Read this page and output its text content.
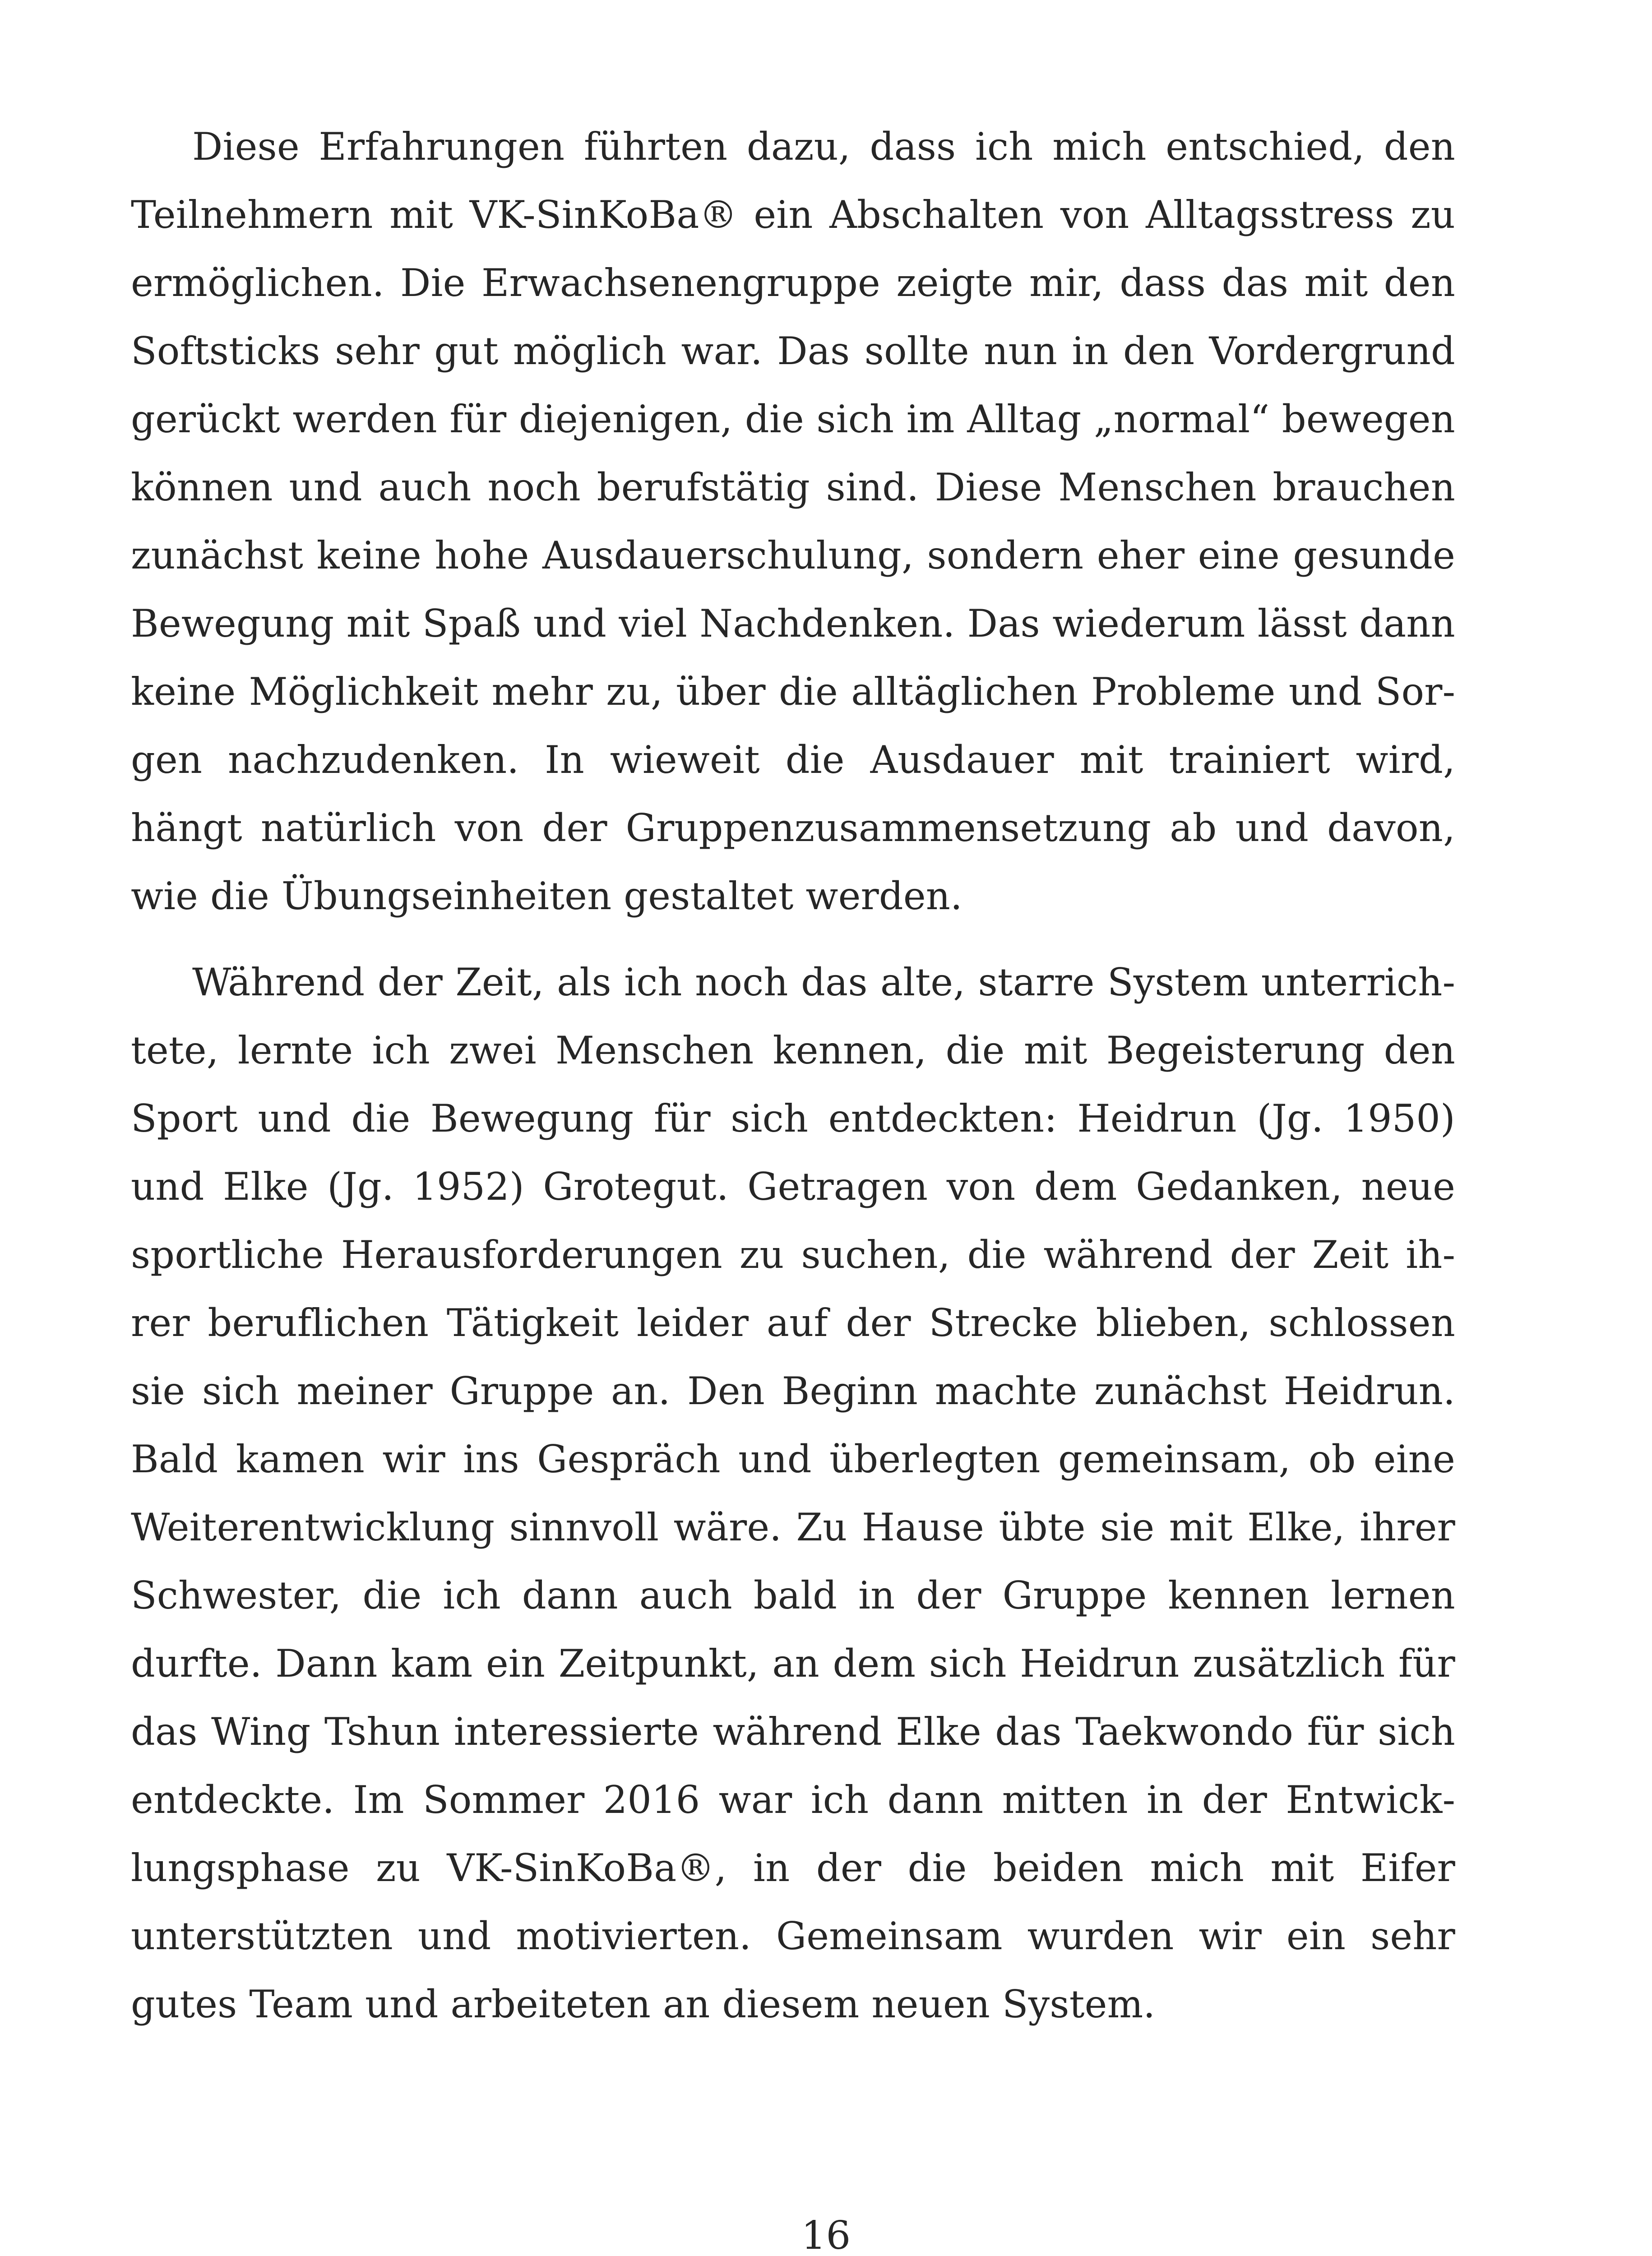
Diese Erfahrungen führten dazu, dass ich mich entschied, den Teilnehmern mit VK-SinKoBa® ein Abschalten von Alltagsstress zu ermöglichen. Die Erwachsenengruppe zeigte mir, dass das mit den Softsticks sehr gut möglich war. Das sollte nun in den Vordergrund gerückt werden für diejenigen, die sich im Alltag „normal“ bewegen können und auch noch berufstätig sind. Diese Menschen brauchen zunächst keine hohe Ausdauerschulung, sondern eher eine gesunde Bewegung mit Spaß und viel Nachdenken. Das wiederum lässt dann keine Möglichkeit mehr zu, über die alltäglichen Probleme und Sorgen nachzudenken. In wieweit die Ausdauer mit trainiert wird, hängt natürlich von der Gruppenzusammensetzung ab und davon, wie die Übungseinheiten gestaltet werden.

Während der Zeit, als ich noch das alte, starre System unterrichtete, lernte ich zwei Menschen kennen, die mit Begeisterung den Sport und die Bewegung für sich entdeckten: Heidrun (Jg. 1950) und Elke (Jg. 1952) Grotegut. Getragen von dem Gedanken, neue sportliche Herausforderungen zu suchen, die während der Zeit ihrer beruflichen Tätigkeit leider auf der Strecke blieben, schlossen sie sich meiner Gruppe an. Den Beginn machte zunächst Heidrun. Bald kamen wir ins Gespräch und überlegten gemeinsam, ob eine Weiterentwicklung sinnvoll wäre. Zu Hause übte sie mit Elke, ihrer Schwester, die ich dann auch bald in der Gruppe kennen lernen durfte. Dann kam ein Zeitpunkt, an dem sich Heidrun zusätzlich für das Wing Tshun interessierte während Elke das Taekwondo für sich entdeckte. Im Sommer 2016 war ich dann mitten in der Entwicklungsphase zu VK-SinKoBa®, in der die beiden mich mit Eifer unterstützten und motivierten. Gemeinsam wurden wir ein sehr gutes Team und arbeiteten an diesem neuen System.

16
